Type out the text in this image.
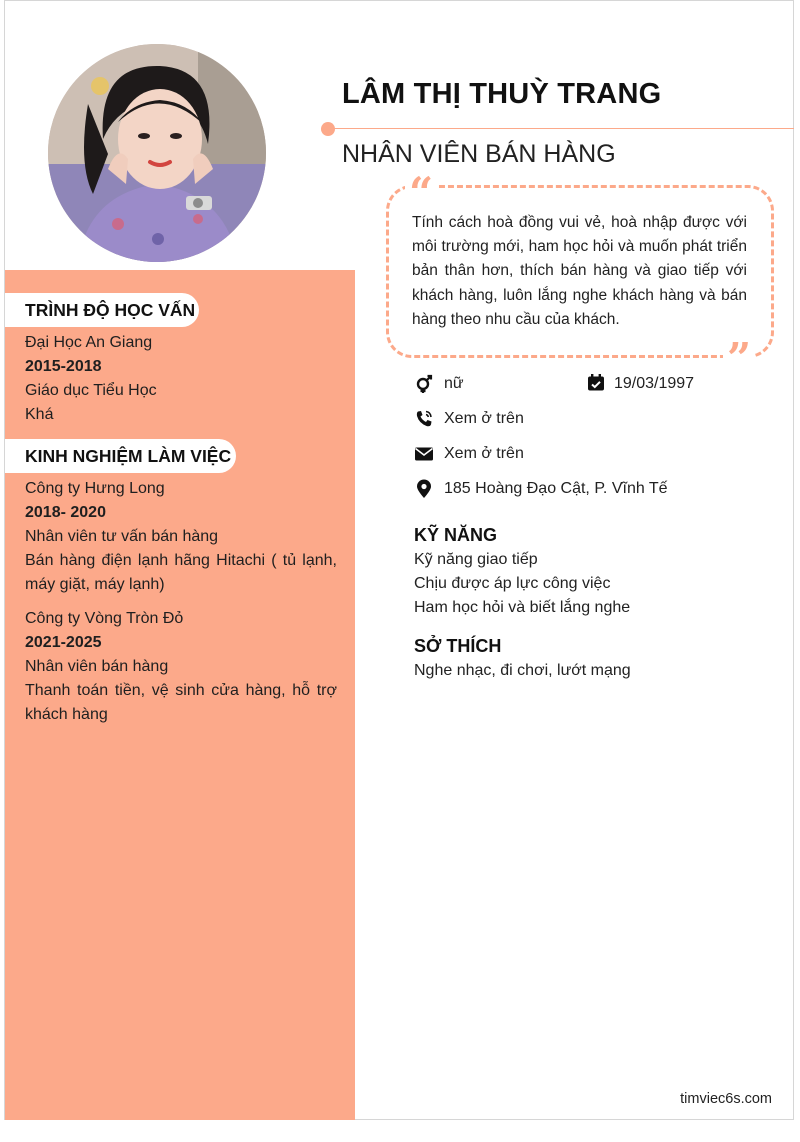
LÂM THỊ THUỲ TRANG
NHÂN VIÊN BÁN HÀNG
“
”
Tính cách hoà đồng vui vẻ, hoà nhập được với môi trường mới, ham học hỏi và muốn phát triển bản thân hơn, thích bán hàng và giao tiếp với khách hàng, luôn lắng nghe khách hàng và bán hàng theo nhu cầu của khách.
nữ	19/03/1997
Xem ở trên
Xem ở trên
185 Hoàng Đạo Cật, P. Vĩnh Tế
KỸ NĂNG
Kỹ năng giao tiếp
Chịu được áp lực công việc
Ham học hỏi và biết lắng nghe
SỞ THÍCH
Nghe nhạc, đi chơi, lướt mạng
TRÌNH ĐỘ HỌC VẤN
Đại Học An Giang
2015-2018
Giáo dục Tiểu Học
Khá
KINH NGHIỆM LÀM VIỆC
Công ty Hưng Long
2018- 2020
Nhân viên tư vấn bán hàng
Bán hàng điện lạnh hãng Hitachi ( tủ lạnh, máy giặt, máy lạnh)
Công ty Vòng Tròn Đỏ
2021-2025
Nhân viên bán hàng
Thanh toán tiền, vệ sinh cửa hàng, hỗ trợ khách hàng
timviec6s.com
